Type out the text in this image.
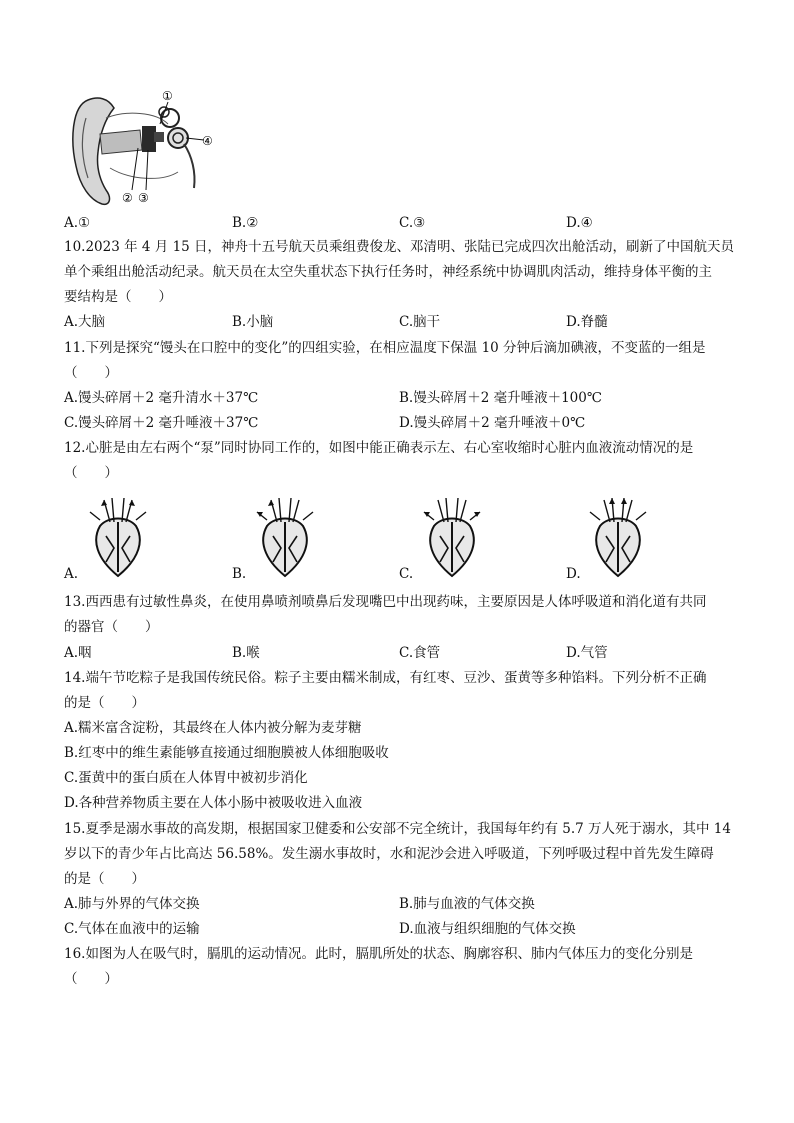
①
④
② ③
A.①	B.②	C.③	D.④
10.2023 年 4 月 15 日，神舟十五号航天员乘组费俊龙、邓清明、张陆已完成四次出舱活动，刷新了中国航天员
单个乘组出舱活动纪录。航天员在太空失重状态下执行任务时，神经系统中协调肌肉活动，维持身体平衡的主
要结构是（　　）
A.大脑	B.小脑	C.脑干	D.脊髓
11.下列是探究“馒头在口腔中的变化”的四组实验，在相应温度下保温 10 分钟后滴加碘液，不变蓝的一组是
（　　）
A.馒头碎屑＋2 毫升清水＋37℃	B.馒头碎屑＋2 毫升唾液＋100℃
C.馒头碎屑＋2 毫升唾液＋37℃	D.馒头碎屑＋2 毫升唾液＋0℃
12.心脏是由左右两个“泵”同时协同工作的，如图中能正确表示左、右心室收缩时心脏内血液流动情况的是
（　　）
A.	B.	C.	D.
13.西西患有过敏性鼻炎，在使用鼻喷剂喷鼻后发现嘴巴中出现药味，主要原因是人体呼吸道和消化道有共同
的器官（　　）
A.咽	B.喉	C.食管	D.气管
14.端午节吃粽子是我国传统民俗。粽子主要由糯米制成，有红枣、豆沙、蛋黄等多种馅料。下列分析不正确
的是（　　）
A.糯米富含淀粉，其最终在人体内被分解为麦芽糖
B.红枣中的维生素能够直接通过细胞膜被人体细胞吸收
C.蛋黄中的蛋白质在人体胃中被初步消化
D.各种营养物质主要在人体小肠中被吸收进入血液
15.夏季是溺水事故的高发期，根据国家卫健委和公安部不完全统计，我国每年约有 5.7 万人死于溺水，其中 14
岁以下的青少年占比高达 56.58%。发生溺水事故时，水和泥沙会进入呼吸道，下列呼吸过程中首先发生障碍
的是（　　）
A.肺与外界的气体交换	B.肺与血液的气体交换
C.气体在血液中的运输	D.血液与组织细胞的气体交换
16.如图为人在吸气时，膈肌的运动情况。此时，膈肌所处的状态、胸廓容积、肺内气体压力的变化分别是
（　　）
